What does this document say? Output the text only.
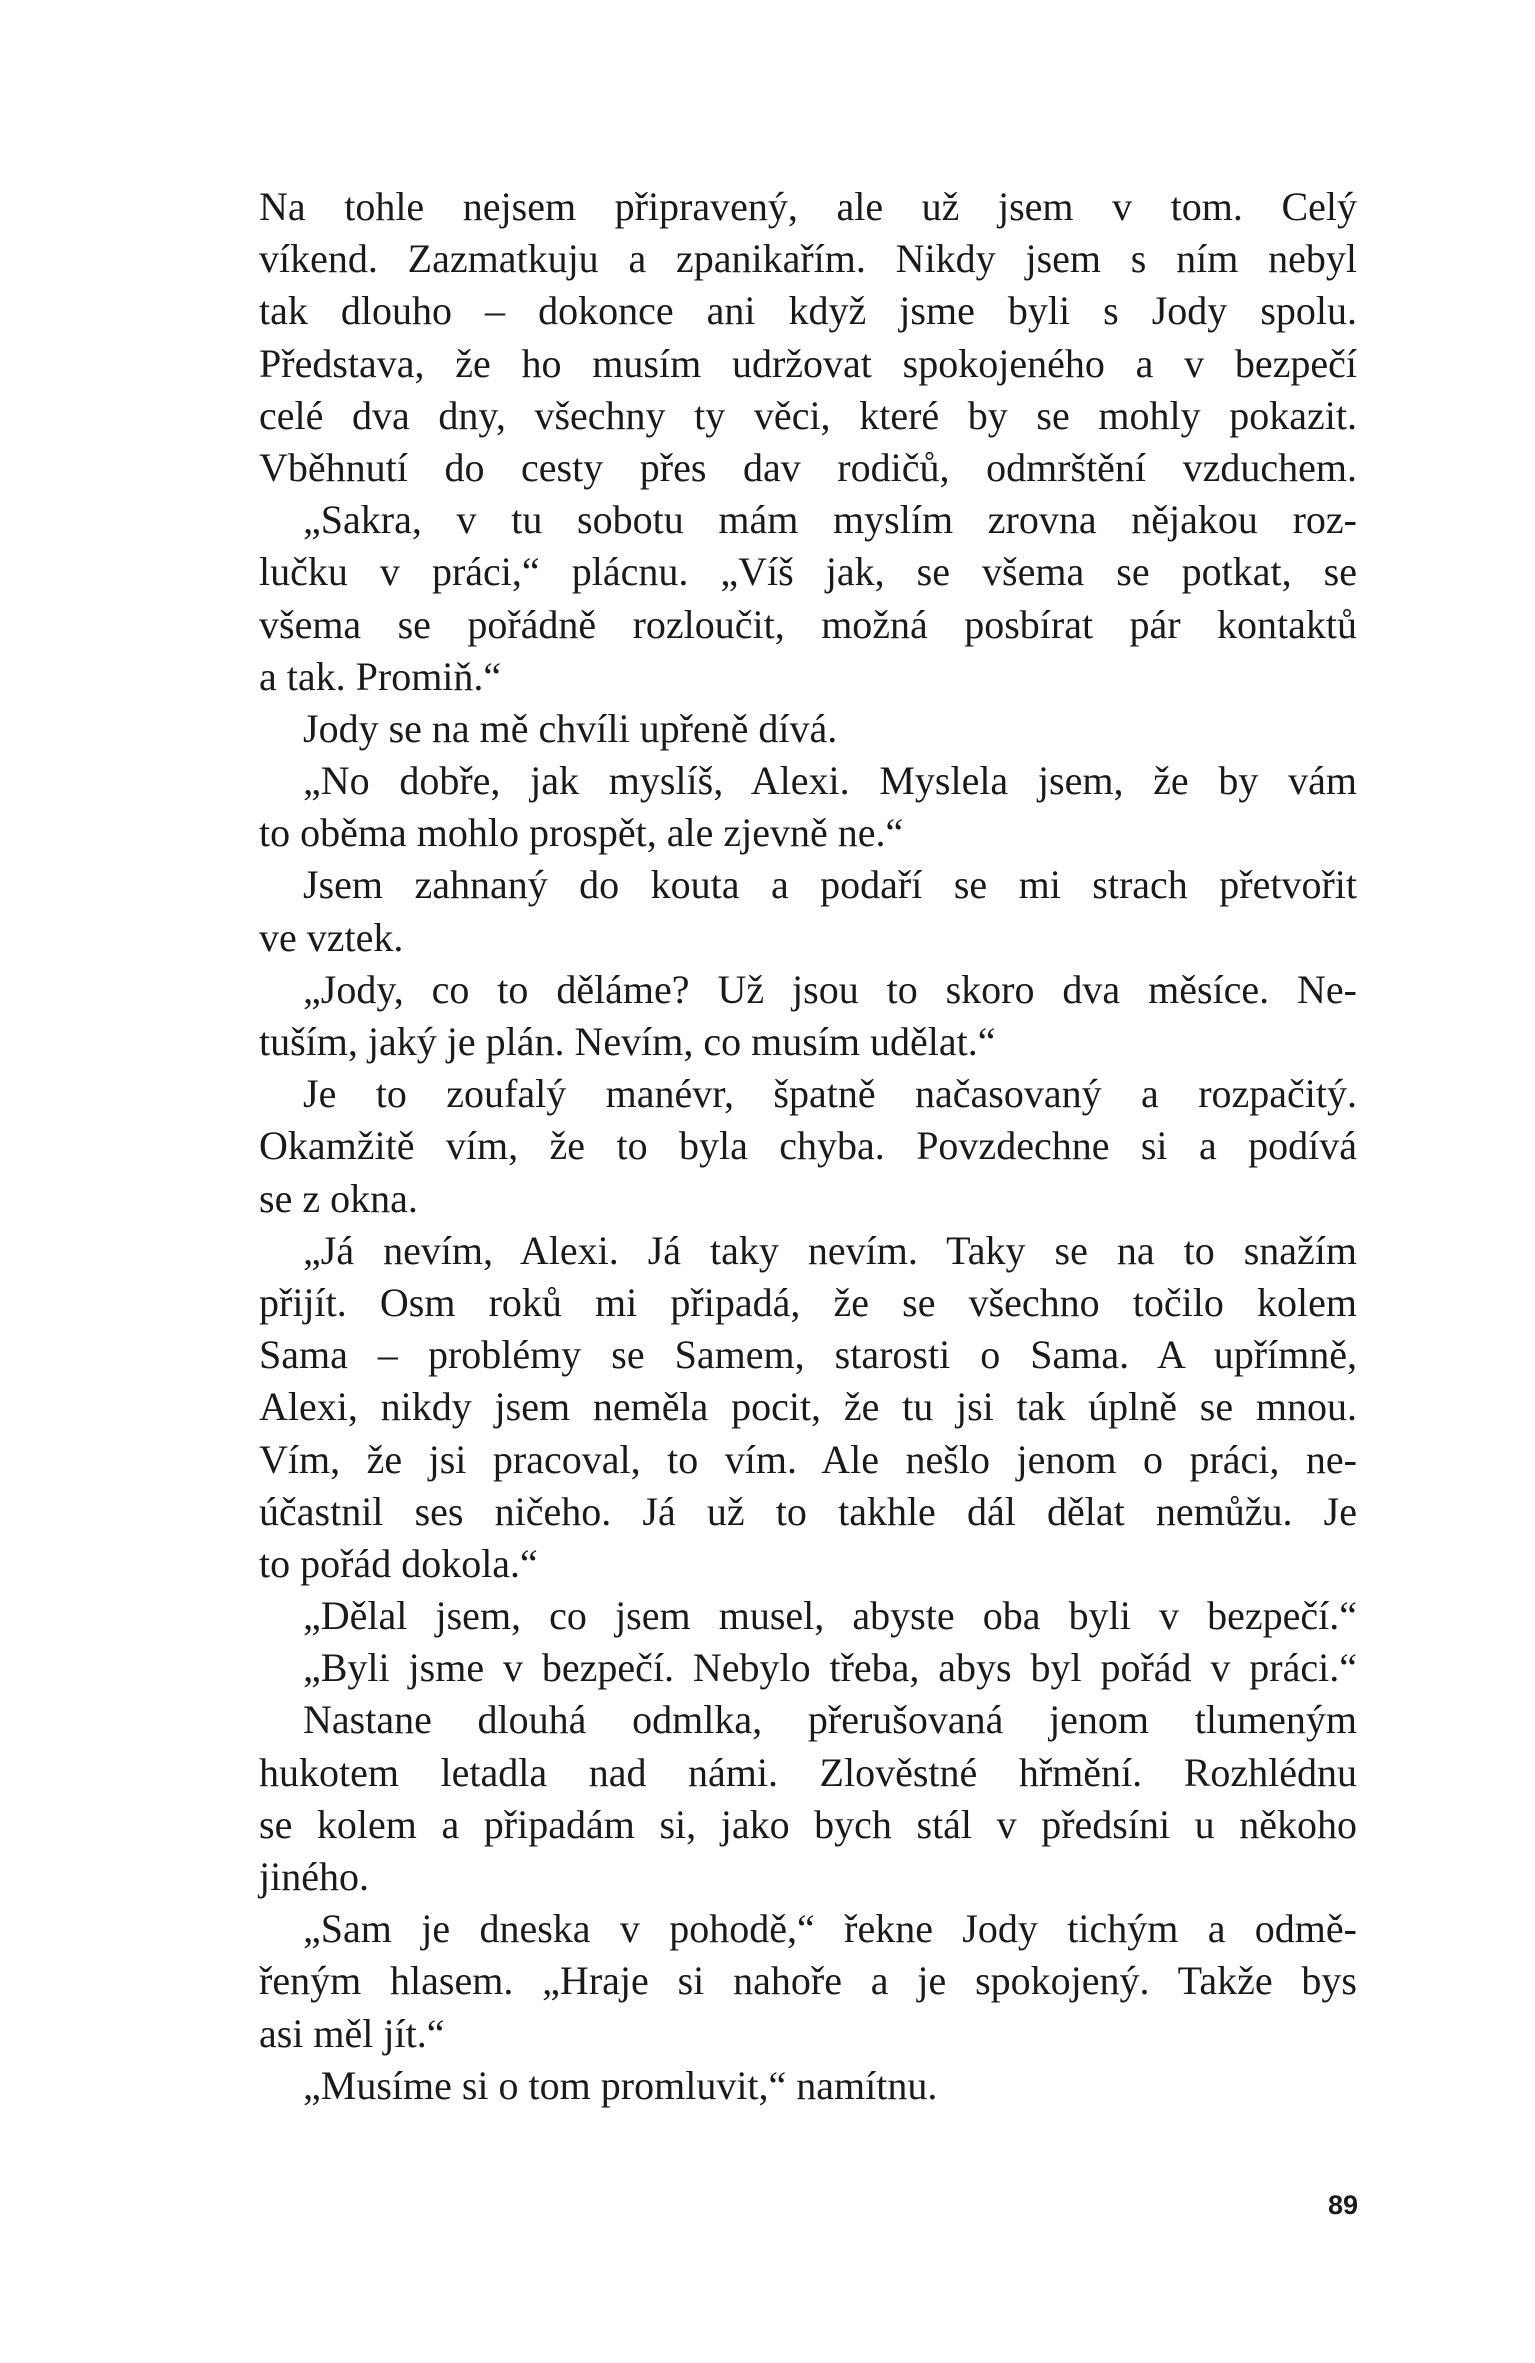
Na tohle nejsem připravený, ale už jsem v tom. Celý
víkend. Zazmatkuju a zpanikařím. Nikdy jsem s ním nebyl
tak dlouho – dokonce ani když jsme byli s Jody spolu.
Představa, že ho musím udržovat spokojeného a v bezpečí
celé dva dny, všechny ty věci, které by se mohly pokazit.
Vběhnutí do cesty přes dav rodičů, odmrštění vzduchem.
„Sakra, v tu sobotu mám myslím zrovna nějakou roz-
lučku v práci,“ plácnu. „Víš jak, se všema se potkat, se
všema se pořádně rozloučit, možná posbírat pár kontaktů
a tak. Promiň.“
Jody se na mě chvíli upřeně dívá.
„No dobře, jak myslíš, Alexi. Myslela jsem, že by vám
to oběma mohlo prospět, ale zjevně ne.“
Jsem zahnaný do kouta a podaří se mi strach přetvořit
ve vztek.
„Jody, co to děláme? Už jsou to skoro dva měsíce. Ne-
tuším, jaký je plán. Nevím, co musím udělat.“
Je to zoufalý manévr, špatně načasovaný a rozpačitý.
Okamžitě vím, že to byla chyba. Povzdechne si a podívá
se z okna.
„Já nevím, Alexi. Já taky nevím. Taky se na to snažím
přijít. Osm roků mi připadá, že se všechno točilo kolem
Sama – problémy se Samem, starosti o Sama. A upřímně,
Alexi, nikdy jsem neměla pocit, že tu jsi tak úplně se mnou.
Vím, že jsi pracoval, to vím. Ale nešlo jenom o práci, ne-
účastnil ses ničeho. Já už to takhle dál dělat nemůžu. Je
to pořád dokola.“
„Dělal jsem, co jsem musel, abyste oba byli v bezpečí.“
„Byli jsme v bezpečí. Nebylo třeba, abys byl pořád v práci.“
Nastane dlouhá odmlka, přerušovaná jenom tlumeným
hukotem letadla nad námi. Zlověstné hřmění. Rozhlédnu
se kolem a připadám si, jako bych stál v předsíni u někoho
jiného.
„Sam je dneska v pohodě,“ řekne Jody tichým a odmě-
řeným hlasem. „Hraje si nahoře a je spokojený. Takže bys
asi měl jít.“
„Musíme si o tom promluvit,“ namítnu.
89
